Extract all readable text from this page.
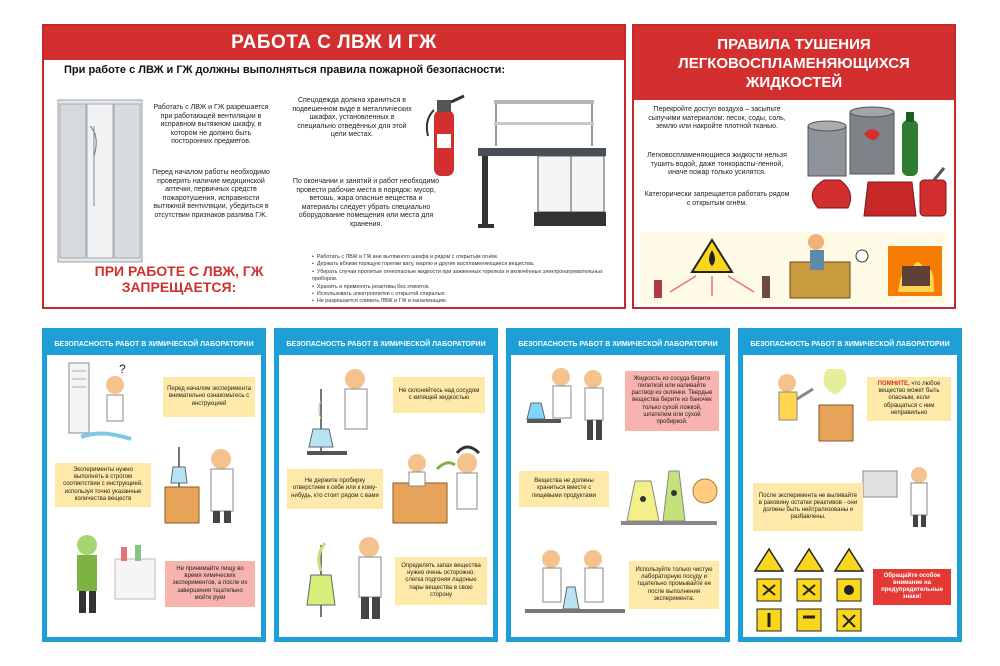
РАБОТА С ЛВЖ И ГЖ
При работе с ЛВЖ и ГЖ должны выполняться правила пожарной безопасности:
Работать с ЛВЖ и ГЖ разрешается при работающей вентиляции в исправном вытяжном шкафу, в котором не должно быть посторонних предметов.
Перед началом работы необходимо проверить наличие медицинской аптечки, первичных средств пожаротушения, исправности вытяжной вентиляции, убедиться в отсутствии признаков разлива ГЖ.
Спецодежда должна храниться в подвешенном виде в металлических шкафах, установленных в специально отведённых для этой цели местах.
По окончании и занятий и работ необходимо провести рабочие места в порядок: мусор, ветошь, жара опасные вещества и материалы следует убрать специально оборудование помещения или места для хранения.
ПРИ РАБОТЕ С ЛВЖ, ГЖ ЗАПРЕЩАЕТСЯ:
• Работать с ЛВЖ и ГЖ вне вытяжного шкафа и рядом с открытым огнём.
• Держать вблизи горящую горелки вату, марлю и другие воспламеняющиеся вещества.
• Убирать случаи пролитые огнеопасные жидкости при зажженных горелках и включённых электронагревательных приборов.
• Хранить и применять реактивы без этикеток.
• Использовать электроплитки с открытой спиралью.
• Не разрешается сливать ЛВЖ и ГЖ в канализацию.
ПРАВИЛА ТУШЕНИЯ ЛЕГКОВОСПЛАМЕНЯЮЩИХСЯ ЖИДКОСТЕЙ
Перекройте доступ воздуха – засыпьте сыпучими материалом: песок, соды, соль, землю или накройте плотной тканью.
Легковоспламеняющиеся жидкости нельзя тушить водой, даже тонкораспы-ленной, иначе пожар только усилятся.
Категорически запрещается работать рядом с открытым огнём.
БЕЗОПАСНОСТЬ РАБОТ В ХИМИЧЕСКОЙ ЛАБОРАТОРИИ
?
Перед началом эксперимента внимательно ознакомьтесь с инструкцией
Эксперименты нужно выполнять в строгом соответствии с инструкцией, используя точно указанные количества веществ
Не принимайте пищу во время химических экспериментов, а после их завершения тщательно мойте руки
БЕЗОПАСНОСТЬ РАБОТ В ХИМИЧЕСКОЙ ЛАБОРАТОРИИ
Не склоняйтесь над сосудом с кипящей жидкостью
Не держите пробирку отверстием к себе или к кому-нибудь, кто стоит рядом с вами
Определять запах вещества нужно очень осторожно: слегка подгоняя ладонью пары вещества в свою сторону
БЕЗОПАСНОСТЬ РАБОТ В ХИМИЧЕСКОЙ ЛАБОРАТОРИИ
Жидкость из сосуда берите пипеткой или наливайте раствор из склянки. Твердые вещества берите из баночек только сухой ложкой, шпателем или сухой пробиркой.
Вещества не должны храниться вместе с пищевыми продуктами
Используйте только чистую лабораторную посуду и тщательно промывайте ее после выполнения эксперимента.
БЕЗОПАСНОСТЬ РАБОТ В ХИМИЧЕСКОЙ ЛАБОРАТОРИИ
ПОМНИТЕ, что любое вещество может быть опасным, если обращаться с ним неправильно
После эксперимента не выливайте в раковину остатки реактивов - они должны быть нейтрализованы и разбавлены.
Обращайте особое внимание на предупредительные знаки!
